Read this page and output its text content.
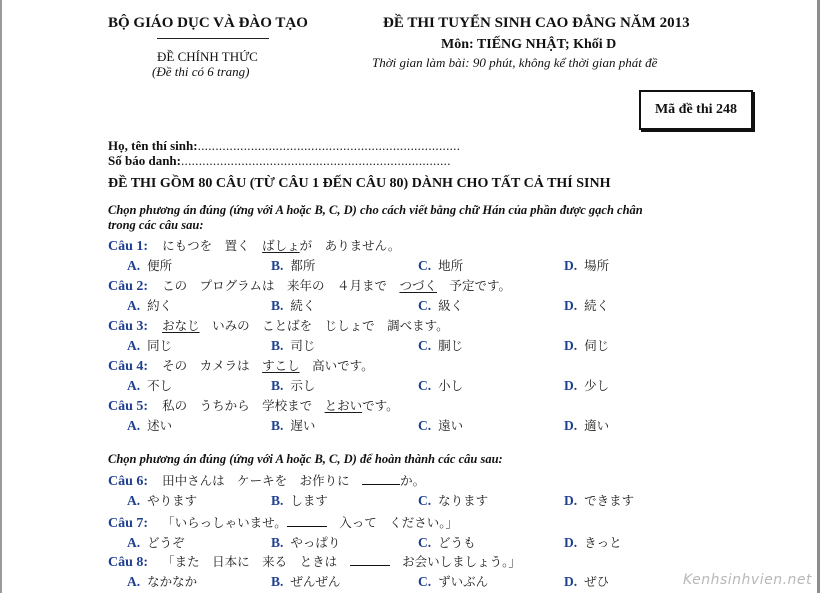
BỘ GIÁO DỤC VÀ ĐÀO TẠO
ĐỀ CHÍNH THỨC
(Đề thi có 6 trang)
ĐỀ THI TUYỂN SINH CAO ĐẲNG NĂM 2013
Môn: TIẾNG NHẬT; Khối D
Thời gian làm bài: 90 phút, không kể thời gian phát đề
Mã đề thi 248
Họ, tên thí sinh:..........................................................................
Số báo danh:............................................................................
ĐỀ THI GỒM 80 CÂU (TỪ CÂU 1 ĐẾN CÂU 80) DÀNH CHO TẤT CẢ THÍ SINH
Chọn phương án đúng (ứng với A hoặc B, C, D) cho cách viết bằng chữ Hán của phần được gạch chân
trong các câu sau:
Chọn phương án đúng (ứng với A hoặc B, C, D) để hoàn thành các câu sau:
Câu 1: にもつを　置く　ばしょが　ありません。
A. 便所	B. 都所	C. 地所	D. 場所
Câu 2: この　プログラムは　来年の　４月まで　つづく　予定です。
A. 約く	B. 続く	C. 級く	D. 続く
Câu 3: おなじ　いみの　ことばを　じしょで　調べます。
A. 同じ	B. 司じ	C. 胴じ	D. 伺じ
Câu 4: その　カメラは　すこし　高いです。
A. 不し	B. 示し	C. 小し	D. 少し
Câu 5: 私の　うちから　学校まで　とおいです。
A. 述い	B. 遅い	C. 遠い	D. 適い
Câu 6: 田中さんは　ケーキを　お作りに　	か。
A. やります	B. します	C. なります	D. できます
Câu 7: 「いらっしゃいませ。	　入って　ください。」
A. どうぞ	B. やっぱり	C. どうも	D. きっと
Câu 8: 「また　日本に　来る　ときは　	　お会いしましょう。」
A. なかなか	B. ぜんぜん	C. ずいぶん	D. ぜひ	Kenhsinhvien.net
